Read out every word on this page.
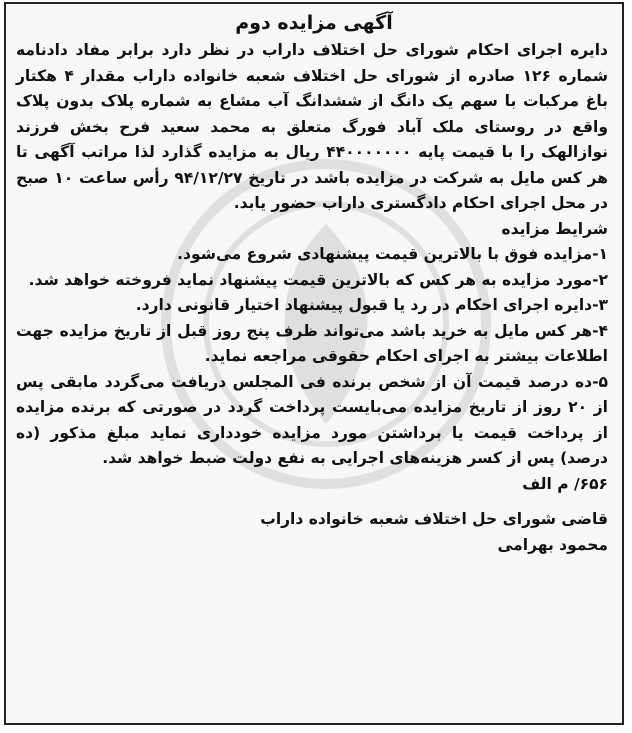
آگهی مزایده دوم
دایره اجرای احکام شورای حل اختلاف داراب در نظر دارد برابر مفاد دادنامه شماره ۱۲۶ صادره از شورای حل اختلاف شعبه خانواده داراب مقدار ۴ هکتار باغ مرکبات با سهم یک دانگ از ششدانگ آب مشاع به شماره پلاک بدون پلاک واقع در روستای ملک آباد فورگ متعلق به محمد سعید فرح بخش فرزند نوازالهک را با قیمت پایه ۴۴۰۰۰۰۰۰۰ ریال به مزایده گذارد لذا مراتب آگهی تا هر کس مایل به شرکت در مزایده باشد در تاریخ ۹۴/۱۲/۲۷ رأس ساعت ۱۰ صبح در محل اجرای احکام دادگستری داراب حضور یابد.
شرایط مزایده
۱-مزایده فوق با بالاترین قیمت پیشنهادی شروع می‌شود.
۲-مورد مزایده به هر کس که بالاترین قیمت پیشنهاد نماید فروخته خواهد شد.
۳-دایره اجرای احکام در رد یا قبول پیشنهاد اختیار قانونی دارد.
۴-هر کس مایل به خرید باشد می‌تواند ظرف پنج روز قبل از تاریخ مزایده جهت اطلاعات بیشتر به اجرای احکام حقوقی مراجعه نماید.
۵-ده درصد قیمت آن از شخص برنده فی المجلس دریافت می‌گردد مابقی پس از ۲۰ روز از تاریخ مزایده می‌بایست پرداخت گردد در صورتی که برنده مزایده از پرداخت قیمت یا برداشتن مورد مزایده خودداری نماید مبلغ مذکور (ده درصد) پس از کسر هزینه‌های اجرایی به نفع دولت ضبط خواهد شد.
۶۵۶/ م الف
قاضی شورای حل اختلاف شعبه خانواده داراب
محمود بهرامی
